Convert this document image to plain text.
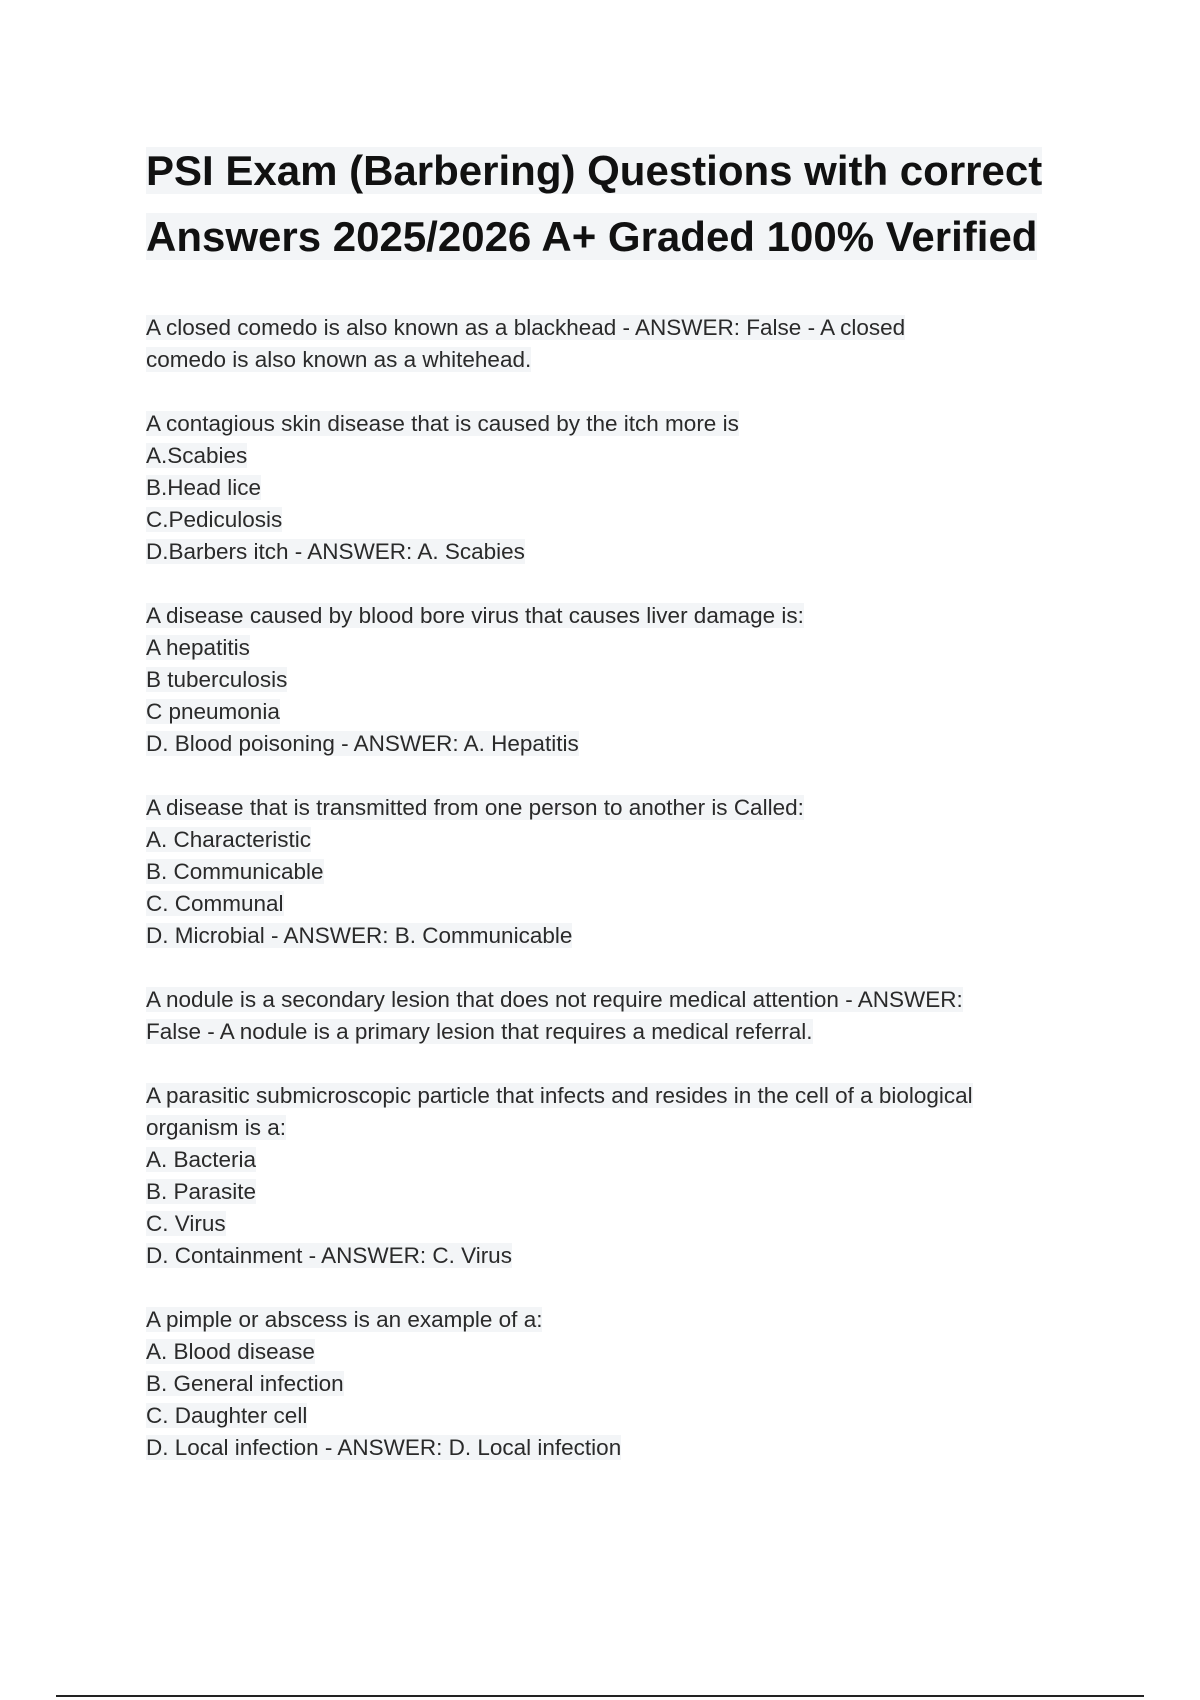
PSI Exam (Barbering) Questions with correct Answers 2025/2026 A+ Graded 100% Verified
A closed comedo is also known as a blackhead - ANSWER: False - A closed
comedo is also known as a whitehead.
A contagious skin disease that is caused by the itch more is
A.Scabies
B.Head lice
C.Pediculosis
D.Barbers itch - ANSWER: A. Scabies
A disease caused by blood bore virus that causes liver damage is:
A hepatitis
B tuberculosis
C pneumonia
D. Blood poisoning - ANSWER: A. Hepatitis
A disease that is transmitted from one person to another is Called:
A. Characteristic
B. Communicable
C. Communal
D. Microbial - ANSWER: B. Communicable
A nodule is a secondary lesion that does not require medical attention - ANSWER:
False - A nodule is a primary lesion that requires a medical referral.
A parasitic submicroscopic particle that infects and resides in the cell of a biological
organism is a:
A. Bacteria
B. Parasite
C. Virus
D. Containment - ANSWER: C. Virus
A pimple or abscess is an example of a:
A. Blood disease
B. General infection
C. Daughter cell
D. Local infection - ANSWER: D. Local infection
